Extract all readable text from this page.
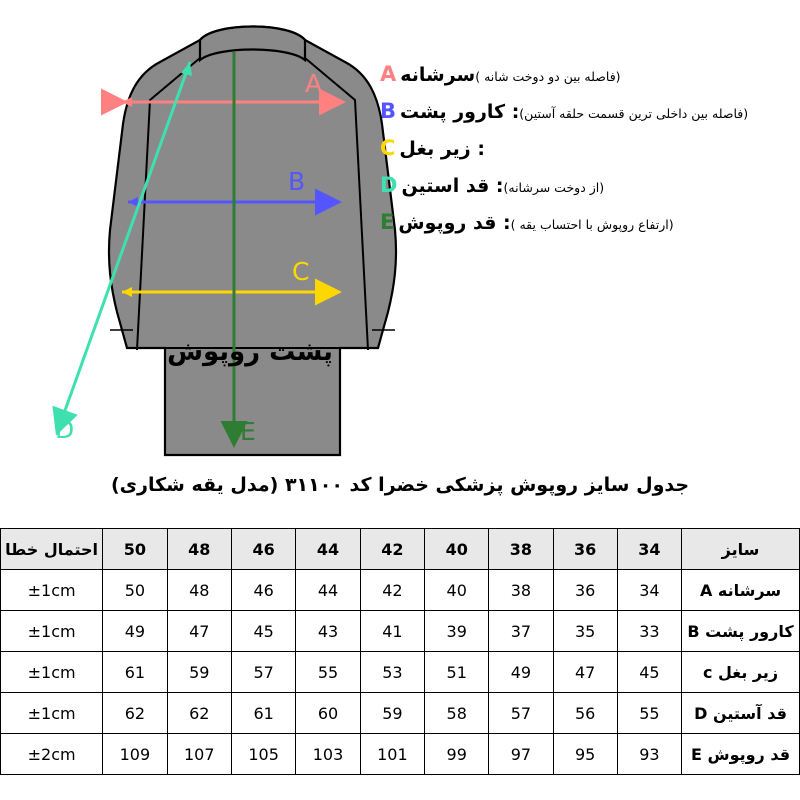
A
B
C
D	E
پشت روپوش
A سرشانه (فاصله بین دو دوخت شانه )
B : کارور پشت (فاصله بین داخلی ترین قسمت حلقه آستین)
C : زیر بغل
D : قد استین (از دوخت سرشانه)
E : قد روپوش (ارتفاع روپوش با احتساب یقه )
جدول سایز روپوش پزشکی خضرا کد ۳۱۱۰۰ (مدل یقه شکاری)
سایز	34	36	38	40	42	44	46	48	50	احتمال خطا
سرشانه A	34	36	38	40	42	44	46	48	50	±1cm
کارور پشت B	33	35	37	39	41	43	45	47	49	±1cm
زیر بغل c	45	47	49	51	53	55	57	59	61	±1cm
قد آستین D	55	56	57	58	59	60	61	62	62	±1cm
قد روپوش E	93	95	97	99	101	103	105	107	109	±2cm
